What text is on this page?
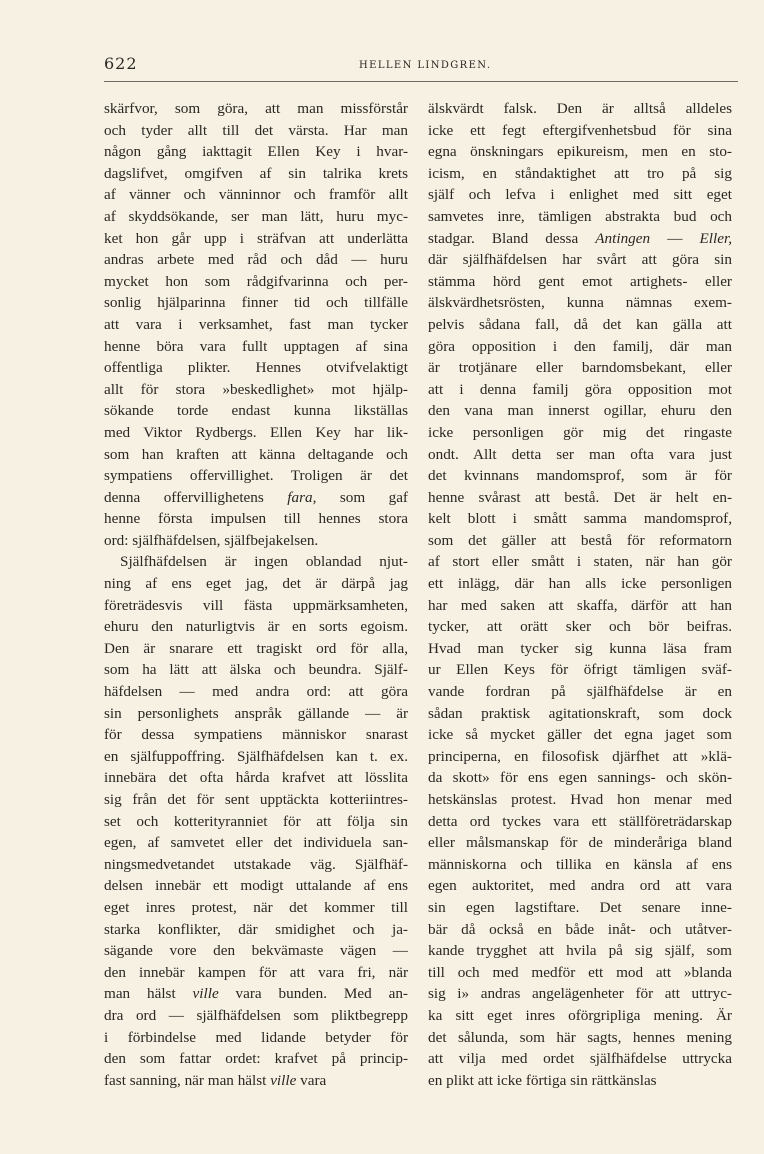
622	HELLEN LINDGREN.
skärfvor, som göra, att man missförstår
och tyder allt till det värsta. Har man
någon gång iakttagit Ellen Key i hvar-
dagslifvet, omgifven af sin talrika krets
af vänner och vänninnor och framför allt
af skyddsökande, ser man lätt, huru myc-
ket hon går upp i sträfvan att underlätta
andras arbete med råd och dåd — huru
mycket hon som rådgifvarinna och per-
sonlig hjälparinna finner tid och tillfälle
att vara i verksamhet, fast man tycker
henne böra vara fullt upptagen af sina
offentliga plikter. Hennes otvifvelaktigt
allt för stora »beskedlighet» mot hjälp-
sökande torde endast kunna likställas
med Viktor Rydbergs. Ellen Key har lik-
som han kraften att känna deltagande och
sympatiens offervillighet. Troligen är det
denna offervillighetens fara, som gaf
henne första impulsen till hennes stora
ord: själfhäfdelsen, själfbejakelsen.
Själfhäfdelsen är ingen oblandad njut-
ning af ens eget jag, det är därpå jag
företrädesvis vill fästa uppmärksamheten,
ehuru den naturligtvis är en sorts egoism.
Den är snarare ett tragiskt ord för alla,
som ha lätt att älska och beundra. Själf-
häfdelsen — med andra ord: att göra
sin personlighets anspråk gällande — är
för dessa sympatiens människor snarast
en själfuppoffring. Själfhäfdelsen kan t. ex.
innebära det ofta hårda krafvet att lösslita
sig från det för sent upptäckta kotteriintres-
set och kotterityranniet för att följa sin
egen, af samvetet eller det individuela san-
ningsmedvetandet utstakade väg. Själfhäf-
delsen innebär ett modigt uttalande af ens
eget inres protest, när det kommer till
starka konflikter, där smidighet och ja-
sägande vore den bekvämaste vägen —
den innebär kampen för att vara fri, när
man hälst ville vara bunden. Med an-
dra ord — själfhäfdelsen som pliktbegrepp
i förbindelse med lidande betyder för
den som fattar ordet: krafvet på princip-
fast sanning, när man hälst ville vara
älskvärdt falsk. Den är alltså alldeles
icke ett fegt eftergifvenhetsbud för sina
egna önskningars epikureism, men en sto-
icism, en ståndaktighet att tro på sig
själf och lefva i enlighet med sitt eget
samvetes inre, tämligen abstrakta bud och
stadgar. Bland dessa Antingen — Eller,
där själfhäfdelsen har svårt att göra sin
stämma hörd gent emot artighets- eller
älskvärdhetsrösten, kunna nämnas exem-
pelvis sådana fall, då det kan gälla att
göra opposition i den familj, där man
är trotjänare eller barndomsbekant, eller
att i denna familj göra opposition mot
den vana man innerst ogillar, ehuru den
icke personligen gör mig det ringaste
ondt. Allt detta ser man ofta vara just
det kvinnans mandomsprof, som är för
henne svårast att bestå. Det är helt en-
kelt blott i smått samma mandomsprof,
som det gäller att bestå för reformatorn
af stort eller smått i staten, när han gör
ett inlägg, där han alls icke personligen
har med saken att skaffa, därför att han
tycker, att orätt sker och bör beifras.
Hvad man tycker sig kunna läsa fram
ur Ellen Keys för öfrigt tämligen sväf-
vande fordran på själfhäfdelse är en
sådan praktisk agitationskraft, som dock
icke så mycket gäller det egna jaget som
principerna, en filosofisk djärfhet att »klä-
da skott» för ens egen sannings- och skön-
hetskänslas protest. Hvad hon menar med
detta ord tyckes vara ett ställföreträdarskap
eller målsmanskap för de minderåriga bland
människorna och tillika en känsla af ens
egen auktoritet, med andra ord att vara
sin egen lagstiftare. Det senare inne-
bär då också en både inåt- och utåtver-
kande trygghet att hvila på sig själf, som
till och med medför ett mod att »blanda
sig i» andras angelägenheter för att uttryc-
ka sitt eget inres oförgripliga mening. Är
det sålunda, som här sagts, hennes mening
att vilja med ordet själfhäfdelse uttrycka
en plikt att icke förtiga sin rättkänslas
